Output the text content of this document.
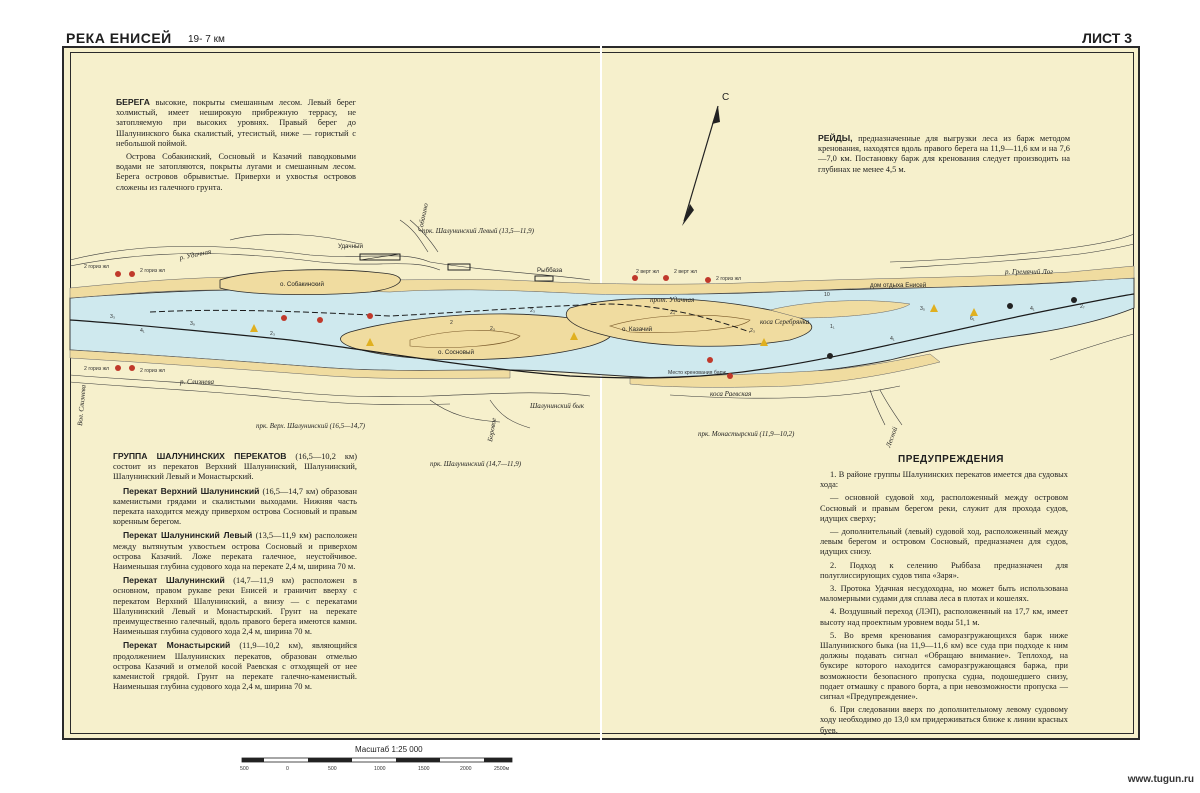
РЕКА ЕНИСЕЙ 19- 7 км	ЛИСТ 3

БЕРЕГА высокие, покрыты смешанным лесом. Левый берег холмистый, имеет неширокую прибрежную террасу, не затопляемую при высоких уровнях. Правый берег до Шалунинского быка скалистый, утесистый, ниже — гористый с небольшой поймой.

Острова Собакинский, Сосновый и Казачий паводковыми водами не затопляются, покрыты лугами и смешанным лесом. Берега островов обрывистые. Приверхи и ухвостья островов сложены из галечного грунта.

РЕЙДЫ, предназначенные для выгрузки леса из барж методом кренования, находятся вдоль правого берега на 11,9—11,6 км и на 7,6—7,0 км. Постановку барж для кренования следует производить на глубинах не менее 4,5 м.

3₃
4₁
3₉
2₃
2
2₃
2₃	2₄
2₃
1₁
4₁
6₁
4₁	2₇
3₅
Удачный
Собакино
Рыббаза
дом отдыха Енисей
р. Удачная
р. Слизнева
Вол. Слизнева
р. Гремячий Лог
о. Собакинский
о. Сосновый
о. Казачий
прот. Удачная
коса Серебрянка
коса Раевская
Шалунинский бык
Боровое	Лесной
прк. Шалунинский Левый (13,5—11,9)
прк. Верх. Шалунинский (16,5—14,7)
прк. Шалунинский (14,7—11,9)
прк. Монастырский (11,9—10,2)
2 гориз жл
2 гориз жл
2 гориз жл	2 гориз жл
2 верт жл	2 верт жл
2 гориз жл
Место кренования барж
10
С

ГРУППА ШАЛУНИНСКИХ ПЕРЕКАТОВ (16,5—10,2 км) состоит из перекатов Верхний Шалунинский, Шалунинский, Шалунинский Левый и Монастырский.

Перекат Верхний Шалунинский (16,5—14,7 км) образован каменистыми грядами и скалистыми выходами. Нижняя часть переката находится между приверхом острова Сосновый и правым коренным берегом.

Перекат Шалунинский Левый (13,5—11,9 км) расположен между вытянутым ухвостьем острова Сосновый и приверхом острова Казачий. Ложе переката галечное, неустойчивое. Наименьшая глубина судового хода на перекате 2,4 м, ширина 70 м.

Перекат Шалунинский (14,7—11,9 км) расположен в основном, правом рукаве реки Енисей и граничит вверху с перекатом Верхний Шалунинский, а внизу — с перекатами Шалунинский Левый и Монастырский. Грунт на перекате преимущественно галечный, вдоль правого берега имеются камни. Наименьшая глубина судового хода 2,4 м, ширина 70 м.

Перекат Монастырский (11,9—10,2 км), являющийся продолжением Шалунинских перекатов, образован отмелью острова Казачий и отмелой косой Раевская с отходящей от нее каменистой грядой. Грунт на перекате галечно-каменистый. Наименьшая глубина судового хода 2,4 м, ширина 70 м.

ПРЕДУПРЕЖДЕНИЯ

1. В районе группы Шалунинских перекатов имеется два судовых хода:

— основной судовой ход, расположенный между островом Сосновый и правым берегом реки, служит для прохода судов, идущих сверху;

— дополнительный (левый) судовой ход, расположенный между левым берегом и островом Сосновый, предназначен для судов, идущих снизу.

2. Подход к селению Рыббаза предназначен для полуглиссирующих судов типа «Заря».

3. Протока Удачная несудоходна, но может быть использована маломерными судами для сплава леса в плотах и кошелях.

4. Воздушный переход (ЛЭП), расположенный на 17,7 км, имеет высоту над проектным уровнем воды 51,1 м.

5. Во время кренования саморазгружающихся барж ниже Шалунинского быка (на 11,9—11,6 км) все суда при подходе к ним должны подавать сигнал «Обращаю внимание». Теплоход, на буксире которого находится саморазгружающаяся баржа, при возможности безопасного пропуска судна, подошедшего снизу, подает отмашку с правого борта, а при невозможности пропуска — сигнал «Предупреждение».

6. При следовании вверх по дополнительному левому судовому ходу необходимо до 13,0 км придерживаться ближе к линии красных буев.

Масштаб 1:25 000
500	0	500	1000	1500	2000	2500м
www.tugun.ru
